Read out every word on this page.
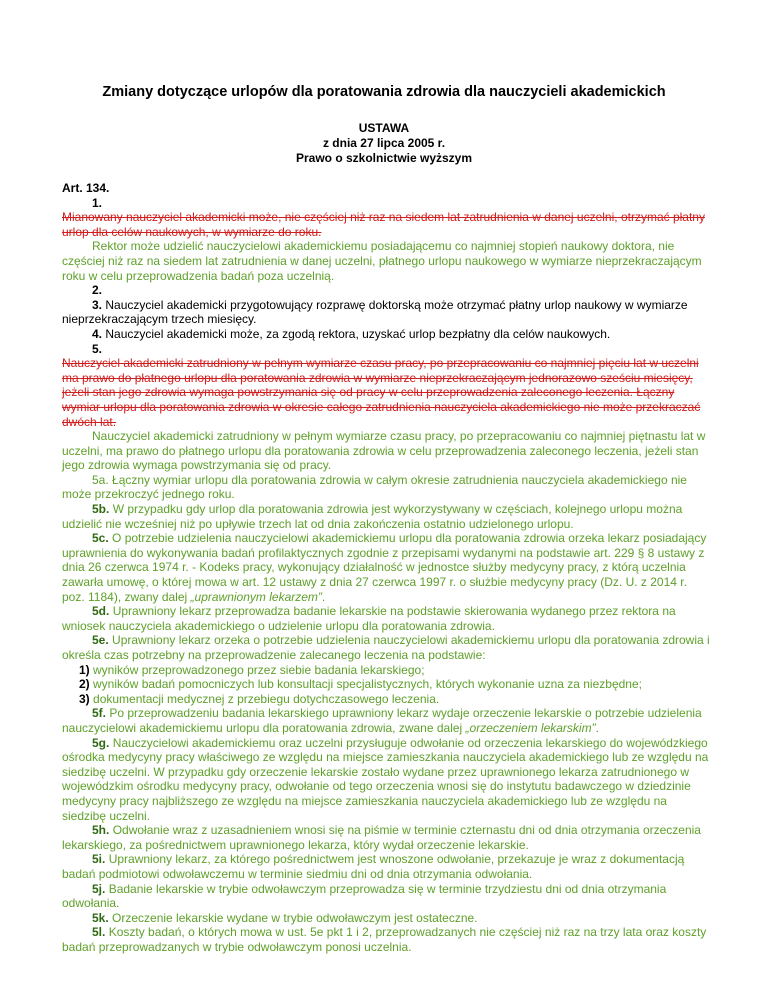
Zmiany dotyczące urlopów dla poratowania zdrowia dla nauczycieli akademickich
USTAWA
z dnia 27 lipca 2005 r.
Prawo o szkolnictwie wyższym

Art. 134.

1.

Mianowany nauczyciel akademicki może, nie częściej niż raz na siedem lat zatrudnienia w danej uczelni, otrzymać płatny urlop dla celów naukowych, w wymiarze do roku.

Rektor może udzielić nauczycielowi akademickiemu posiadającemu co najmniej stopień naukowy doktora, nie częściej niż raz na siedem lat zatrudnienia w danej uczelni, płatnego urlopu naukowego w wymiarze nieprzekraczającym roku w celu przeprowadzenia badań poza uczelnią.

2.

3. Nauczyciel akademicki przygotowujący rozprawę doktorską może otrzymać płatny urlop naukowy w wymiarze nieprzekraczającym trzech miesięcy.

4. Nauczyciel akademicki może, za zgodą rektora, uzyskać urlop bezpłatny dla celów naukowych.

5.

Nauczyciel akademicki zatrudniony w pełnym wymiarze czasu pracy, po przepracowaniu co najmniej pięciu lat w uczelni ma prawo do płatnego urlopu dla poratowania zdrowia w wymiarze nieprzekraczającym jednorazowo sześciu miesięcy, jeżeli stan jego zdrowia wymaga powstrzymania się od pracy w celu przeprowadzenia zaleconego leczenia. Łączny wymiar urlopu dla poratowania zdrowia w okresie całego zatrudnienia nauczyciela akademickiego nie może przekraczać dwóch lat.

Nauczyciel akademicki zatrudniony w pełnym wymiarze czasu pracy, po przepracowaniu co najmniej piętnastu lat w uczelni, ma prawo do płatnego urlopu dla poratowania zdrowia w celu przeprowadzenia zaleconego leczenia, jeżeli stan jego zdrowia wymaga powstrzymania się od pracy.

5a. Łączny wymiar urlopu dla poratowania zdrowia w całym okresie zatrudnienia nauczyciela akademickiego nie może przekroczyć jednego roku.

5b. W przypadku gdy urlop dla poratowania zdrowia jest wykorzystywany w częściach, kolejnego urlopu można udzielić nie wcześniej niż po upływie trzech lat od dnia zakończenia ostatnio udzielonego urlopu.

5c. O potrzebie udzielenia nauczycielowi akademickiemu urlopu dla poratowania zdrowia orzeka lekarz posiadający uprawnienia do wykonywania badań profilaktycznych zgodnie z przepisami wydanymi na podstawie art. 229 § 8 ustawy z dnia 26 czerwca 1974 r. - Kodeks pracy, wykonujący działalność w jednostce służby medycyny pracy, z którą uczelnia zawarła umowę, o której mowa w art. 12 ustawy z dnia 27 czerwca 1997 r. o służbie medycyny pracy (Dz. U. z 2014 r. poz. 1184), zwany dalej „uprawnionym lekarzem”.

5d. Uprawniony lekarz przeprowadza badanie lekarskie na podstawie skierowania wydanego przez rektora na wniosek nauczyciela akademickiego o udzielenie urlopu dla poratowania zdrowia.

5e. Uprawniony lekarz orzeka o potrzebie udzielenia nauczycielowi akademickiemu urlopu dla poratowania zdrowia i określa czas potrzebny na przeprowadzenie zalecanego leczenia na podstawie:

1) wyników przeprowadzonego przez siebie badania lekarskiego;

2) wyników badań pomocniczych lub konsultacji specjalistycznych, których wykonanie uzna za niezbędne;

3) dokumentacji medycznej z przebiegu dotychczasowego leczenia.

5f. Po przeprowadzeniu badania lekarskiego uprawniony lekarz wydaje orzeczenie lekarskie o potrzebie udzielenia nauczycielowi akademickiemu urlopu dla poratowania zdrowia, zwane dalej „orzeczeniem lekarskim”.

5g. Nauczycielowi akademickiemu oraz uczelni przysługuje odwołanie od orzeczenia lekarskiego do wojewódzkiego ośrodka medycyny pracy właściwego ze względu na miejsce zamieszkania nauczyciela akademickiego lub ze względu na siedzibę uczelni. W przypadku gdy orzeczenie lekarskie zostało wydane przez uprawnionego lekarza zatrudnionego w wojewódzkim ośrodku medycyny pracy, odwołanie od tego orzeczenia wnosi się do instytutu badawczego w dziedzinie medycyny pracy najbliższego ze względu na miejsce zamieszkania nauczyciela akademickiego lub ze względu na siedzibę uczelni.

5h. Odwołanie wraz z uzasadnieniem wnosi się na piśmie w terminie czternastu dni od dnia otrzymania orzeczenia lekarskiego, za pośrednictwem uprawnionego lekarza, który wydał orzeczenie lekarskie.

5i. Uprawniony lekarz, za którego pośrednictwem jest wnoszone odwołanie, przekazuje je wraz z dokumentacją badań podmiotowi odwoławczemu w terminie siedmiu dni od dnia otrzymania odwołania.

5j. Badanie lekarskie w trybie odwoławczym przeprowadza się w terminie trzydziestu dni od dnia otrzymania odwołania.

5k. Orzeczenie lekarskie wydane w trybie odwoławczym jest ostateczne.

5l. Koszty badań, o których mowa w ust. 5e pkt 1 i 2, przeprowadzanych nie częściej niż raz na trzy lata oraz koszty badań przeprowadzanych w trybie odwoławczym ponosi uczelnia.
